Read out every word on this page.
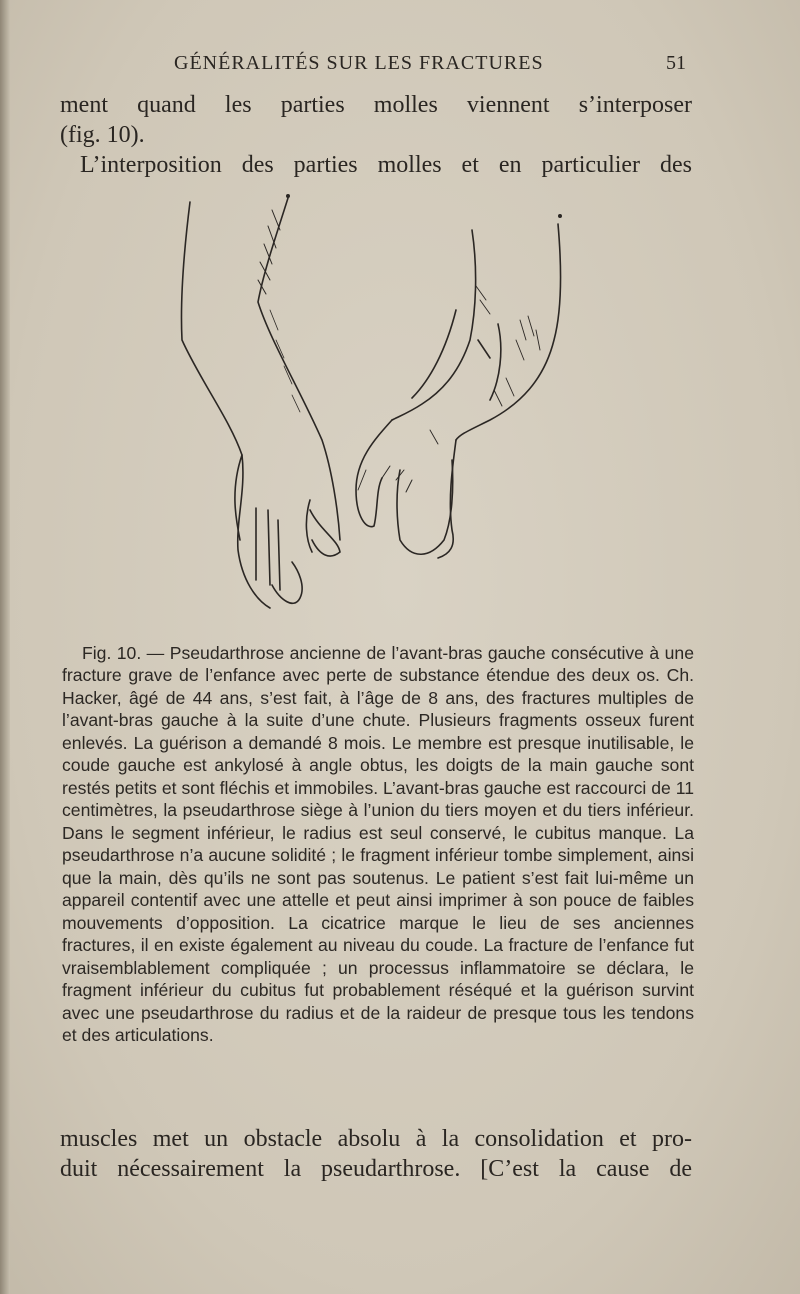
GÉNÉRALITÉS SUR LES FRACTURES	51

ment quand les parties molles viennent s’interposer

(fig. 10).

L’interposition des parties molles et en particulier des

Fig. 10. — Pseudarthrose ancienne de l’avant-bras gauche consécutive à une fracture grave de l’enfance avec perte de substance étendue des deux os. Ch. Hacker, âgé de 44 ans, s’est fait, à l’âge de 8 ans, des fractures multiples de l’avant-bras gauche à la suite d’une chute. Plusieurs fragments osseux furent enlevés. La guérison a demandé 8 mois. Le membre est presque inutilisable, le coude gauche est ankylosé à angle obtus, les doigts de la main gauche sont restés petits et sont fléchis et immobiles. L’avant-bras gauche est raccourci de 11 centimètres, la pseudarthrose siège à l’union du tiers moyen et du tiers inférieur. Dans le segment inférieur, le radius est seul conservé, le cubitus manque. La pseudarthrose n’a aucune solidité ; le fragment inférieur tombe simplement, ainsi que la main, dès qu’ils ne sont pas soutenus. Le patient s’est fait lui-même un appareil contentif avec une attelle et peut ainsi imprimer à son pouce de faibles mouvements d’opposition. La cicatrice marque le lieu de ses anciennes fractures, il en existe également au niveau du coude. La fracture de l’enfance fut vraisemblablement compliquée ; un processus inflammatoire se déclara, le fragment inférieur du cubitus fut probablement réséqué et la guérison survint avec une pseudarthrose du radius et de la raideur de presque tous les tendons et des articulations.

muscles met un obstacle absolu à la consolidation et pro-

duit nécessairement la pseudarthrose. [C’est la cause de
